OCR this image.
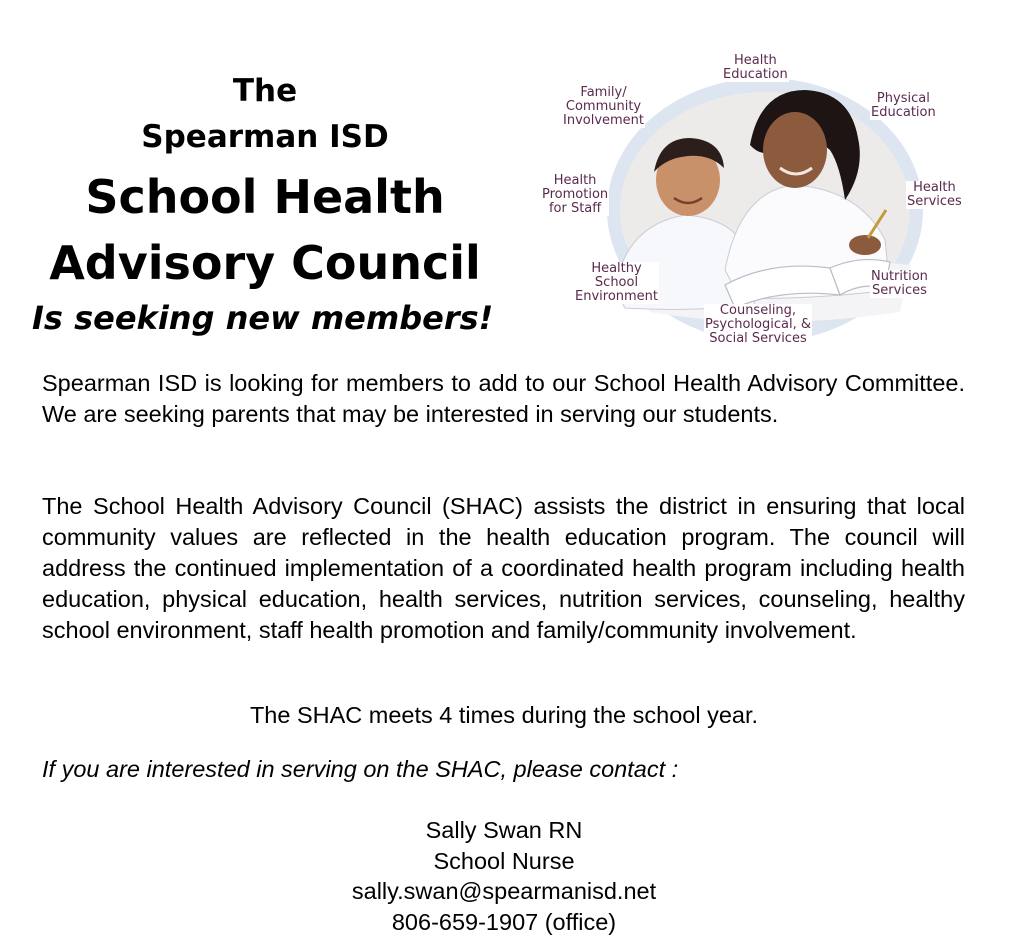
The
Spearman ISD
School Health
Advisory Council
Is seeking new members!
Health
Education
Physical
Education
Health
Services
Nutrition
Services
Counseling,
Psychological, &
Social Services
Healthy
School
Environment
Health
Promotion
for Staff
Family/
Community
Involvement

Spearman ISD is looking for members to add to our School Health Advisory Committee. We are seeking parents that may be interested in serving our students.

The School Health Advisory Council (SHAC) assists the district in ensuring that local community values are reflected in the health education program. The council will address the continued implementation of a coordinated health program including health education, physical education, health services, nutrition services, counseling, healthy school environment, staff health promotion and family/community involvement.

The SHAC meets 4 times during the school year.
If you are interested in serving on the SHAC, please contact :
Sally Swan RN
School Nurse
sally.swan@spearmanisd.net
806-659-1907 (office)
